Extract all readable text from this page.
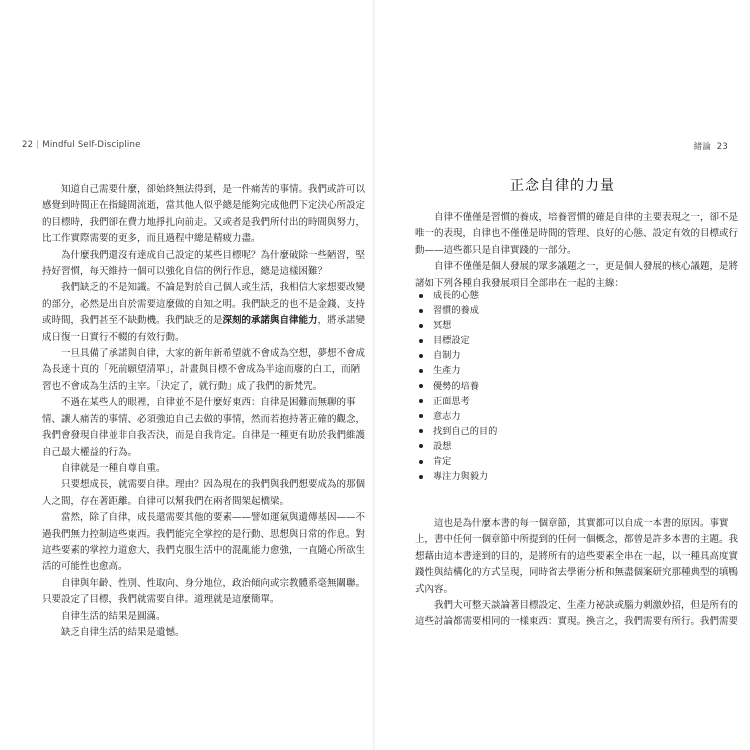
22 | Mindful Self-Discipline
　　知道自己需要什麼，卻始終無法得到，是一件痛苦的事情。我們或許可以
感覺到時間正在指縫間流逝，當其他人似乎總是能夠完成他們下定決心所設定
的目標時，我們卻在費力地掙扎向前走。又或者是我們所付出的時間與努力，
比工作實際需要的更多，而且過程中總是精疲力盡。
　　為什麼我們還沒有達成自己設定的某些目標呢？為什麼破除一些陋習，堅
持好習慣，每天維持一個可以強化自信的例行作息，總是這樣困難？
　　我們缺乏的不是知識。不論是對於自己個人或生活，我相信大家想要改變
的部分，必然是出自於需要這麼做的自知之明。我們缺乏的也不是金錢、支持
或時間，我們甚至不缺動機。我們缺乏的是深刻的承諾與自律能力，將承諾變
成日復一日實行不輟的有效行動。
　　一旦具備了承諾與自律，大家的新年新希望就不會成為空想，夢想不會成
為長達十頁的「死前願望清單」，計畫與目標不會成為半途而廢的白工，而陋
習也不會成為生活的主宰。「決定了，就行動」成了我們的新梵咒。
　　不過在某些人的眼裡，自律並不是什麼好東西：自律是困難而無聊的事
情、讓人痛苦的事情、必須強迫自己去做的事情，然而若抱持著正確的觀念，
我們會發現自律並非自我否決，而是自我肯定。自律是一種更有助於我們維護
自己最大權益的行為。
　　自律就是一種自尊自重。
　　只要想成長，就需要自律。理由？因為現在的我們與我們想要成為的那個
人之間，存在著距離。自律可以幫我們在兩者間架起橋梁。
　　當然，除了自律，成長還需要其他的要素——譬如運氣與遺傳基因——不
過我們無力控制這些東西。我們能完全掌控的是行動、思想與日常的作息。對
這些要素的掌控力道愈大，我們克服生活中的混亂能力愈強，一直隨心所欲生
活的可能性也愈高。
　　自律與年齡、性別、性取向、身分地位，政治傾向或宗教體系毫無關聯。
只要設定了目標，我們就需要自律。道理就是這麼簡單。
　　自律生活的結果是圓滿。
　　缺乏自律生活的結果是遺憾。
緒論 23
正念自律的力量
　　自律不僅僅是習慣的養成，培養習慣的確是自律的主要表現之一，卻不是
唯一的表現，自律也不僅僅是時間的管理、良好的心態、設定有效的目標或行
動——這些都只是自律實踐的一部分。
　　自律不僅僅是個人發展的眾多議題之一，更是個人發展的核心議題，是將
諸如下列各種自我發展項目全部串在一起的主線：
成長的心態
習慣的養成
冥想
目標設定
自制力
生產力
優勢的培養
正面思考
意志力
找到自己的目的
設想
肯定
專注力與毅力
　　這也是為什麼本書的每一個章節，其實都可以自成一本書的原因。事實
上，書中任何一個章節中所提到的任何一個概念，都曾是許多本書的主題。我
想藉由這本書達到的目的，是將所有的這些要素全串在一起，以一種具高度實
踐性與結構化的方式呈現，同時省去學術分析和無盡個案研究那種典型的填鴨
式內容。
　　我們大可整天談論著目標設定、生產力祕訣或腦力刺激妙招，但是所有的
這些討論都需要相同的一樣東西：實現。換言之，我們需要有所行。我們需要
